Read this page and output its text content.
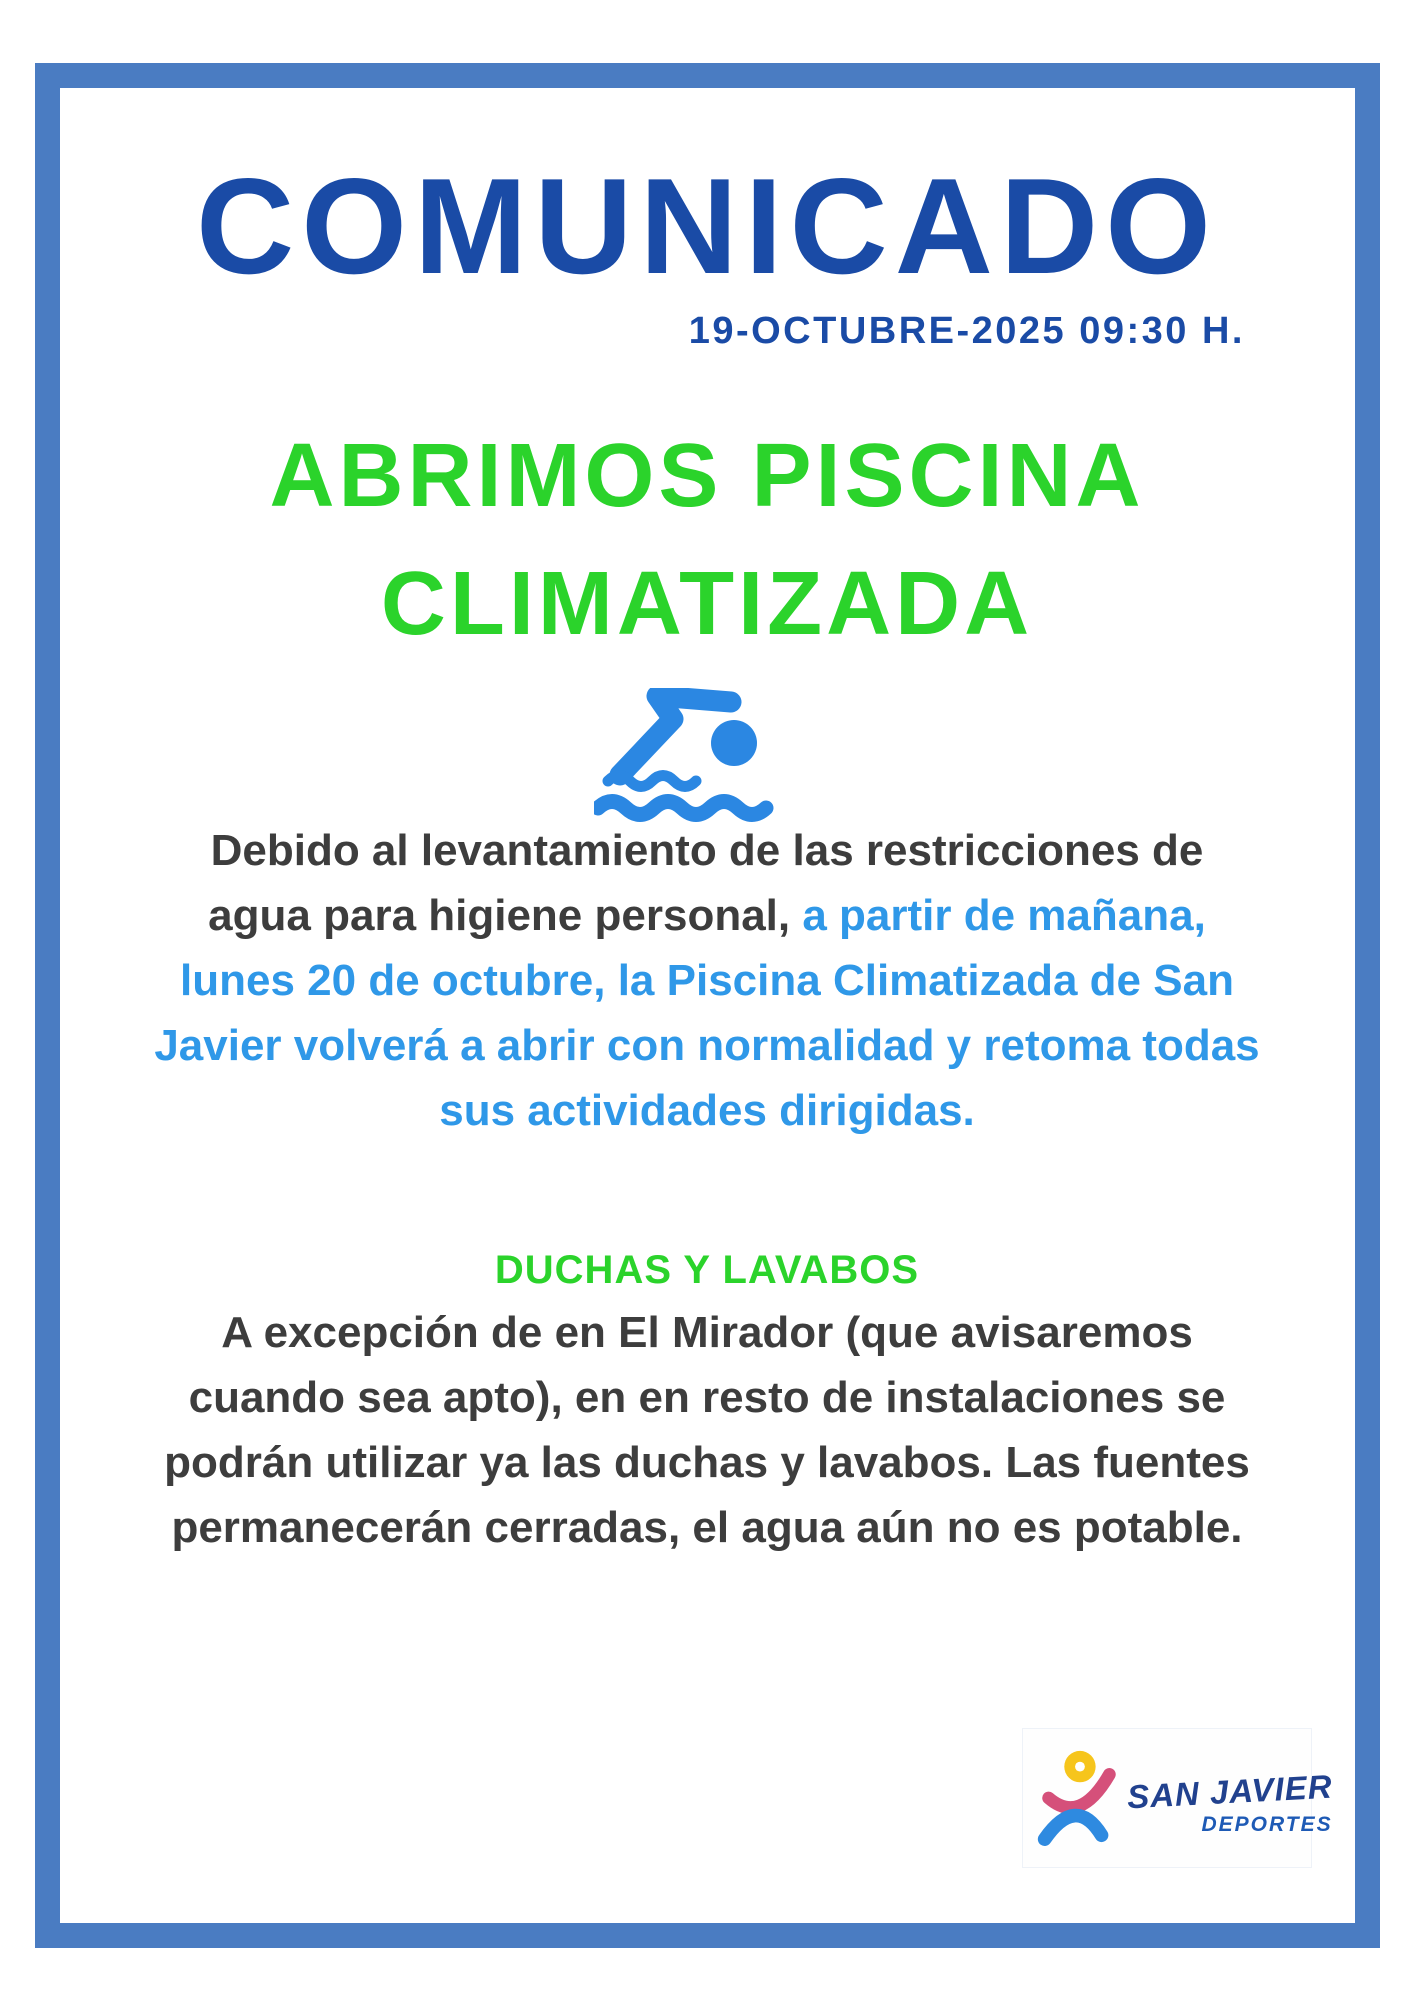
COMUNICADO
19-OCTUBRE-2025 09:30 H.
ABRIMOS PISCINA
CLIMATIZADA
Debido al levantamiento de las restricciones de
agua para higiene personal, a partir de mañana,
lunes 20 de octubre, la Piscina Climatizada de San
Javier volverá a abrir con normalidad y retoma todas
sus actividades dirigidas.
DUCHAS Y LAVABOS
A excepción de en El Mirador (que avisaremos
cuando sea apto), en en resto de instalaciones se
podrán utilizar ya las duchas y lavabos. Las fuentes
permanecerán cerradas, el agua aún no es potable.
SAN JAVIER
DEPORTES
